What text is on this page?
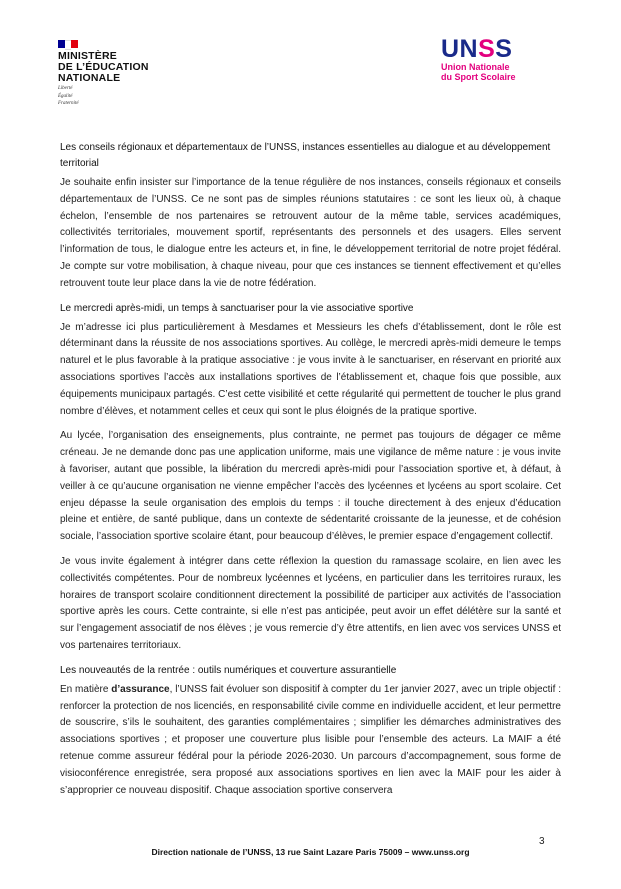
MINISTÈRE
DE L’ÉDUCATION
NATIONALE
Liberté
Égalité
Fraternité
UNSS
Union Nationale
du Sport Scolaire
Les conseils régionaux et départementaux de l’UNSS, instances essentielles au dialogue et au développement territorial

Je souhaite enfin insister sur l’importance de la tenue régulière de nos instances, conseils régionaux et conseils départementaux de l’UNSS. Ce ne sont pas de simples réunions statutaires : ce sont les lieux où, à chaque échelon, l’ensemble de nos partenaires se retrouvent autour de la même table, services académiques, collectivités territoriales, mouvement sportif, représentants des personnels et des usagers. Elles servent l’information de tous, le dialogue entre les acteurs et, in fine, le développement territorial de notre projet fédéral. Je compte sur votre mobilisation, à chaque niveau, pour que ces instances se tiennent effectivement et qu’elles retrouvent toute leur place dans la vie de notre fédération.

Le mercredi après-midi, un temps à sanctuariser pour la vie associative sportive

Je m’adresse ici plus particulièrement à Mesdames et Messieurs les chefs d’établissement, dont le rôle est déterminant dans la réussite de nos associations sportives. Au collège, le mercredi après-midi demeure le temps naturel et le plus favorable à la pratique associative : je vous invite à le sanctuariser, en réservant en priorité aux associations sportives l’accès aux installations sportives de l’établissement et, chaque fois que possible, aux équipements municipaux partagés. C’est cette visibilité et cette régularité qui permettent de toucher le plus grand nombre d’élèves, et notamment celles et ceux qui sont le plus éloignés de la pratique sportive.

Au lycée, l’organisation des enseignements, plus contrainte, ne permet pas toujours de dégager ce même créneau. Je ne demande donc pas une application uniforme, mais une vigilance de même nature : je vous invite à favoriser, autant que possible, la libération du mercredi après-midi pour l’association sportive et, à défaut, à veiller à ce qu’aucune organisation ne vienne empêcher l’accès des lycéennes et lycéens au sport scolaire. Cet enjeu dépasse la seule organisation des emplois du temps : il touche directement à des enjeux d’éducation pleine et entière, de santé publique, dans un contexte de sédentarité croissante de la jeunesse, et de cohésion sociale, l’association sportive scolaire étant, pour beaucoup d’élèves, le premier espace d’engagement collectif.

Je vous invite également à intégrer dans cette réflexion la question du ramassage scolaire, en lien avec les collectivités compétentes. Pour de nombreux lycéennes et lycéens, en particulier dans les territoires ruraux, les horaires de transport scolaire conditionnent directement la possibilité de participer aux activités de l’association sportive après les cours. Cette contrainte, si elle n’est pas anticipée, peut avoir un effet délétère sur la santé et sur l’engagement associatif de nos élèves ; je vous remercie d’y être attentifs, en lien avec vos services UNSS et vos partenaires territoriaux.

Les nouveautés de la rentrée : outils numériques et couverture assurantielle

En matière d’assurance, l’UNSS fait évoluer son dispositif à compter du 1er janvier 2027, avec un triple objectif : renforcer la protection de nos licenciés, en responsabilité civile comme en individuelle accident, et leur permettre de souscrire, s’ils le souhaitent, des garanties complémentaires ; simplifier les démarches administratives des associations sportives ; et proposer une couverture plus lisible pour l’ensemble des acteurs. La MAIF a été retenue comme assureur fédéral pour la période 2026-2030. Un parcours d’accompagnement, sous forme de visioconférence enregistrée, sera proposé aux associations sportives en lien avec la MAIF pour les aider à s’approprier ce nouveau dispositif. Chaque association sportive conservera

3
Direction nationale de l’UNSS, 13 rue Saint Lazare Paris 75009 – www.unss.org
